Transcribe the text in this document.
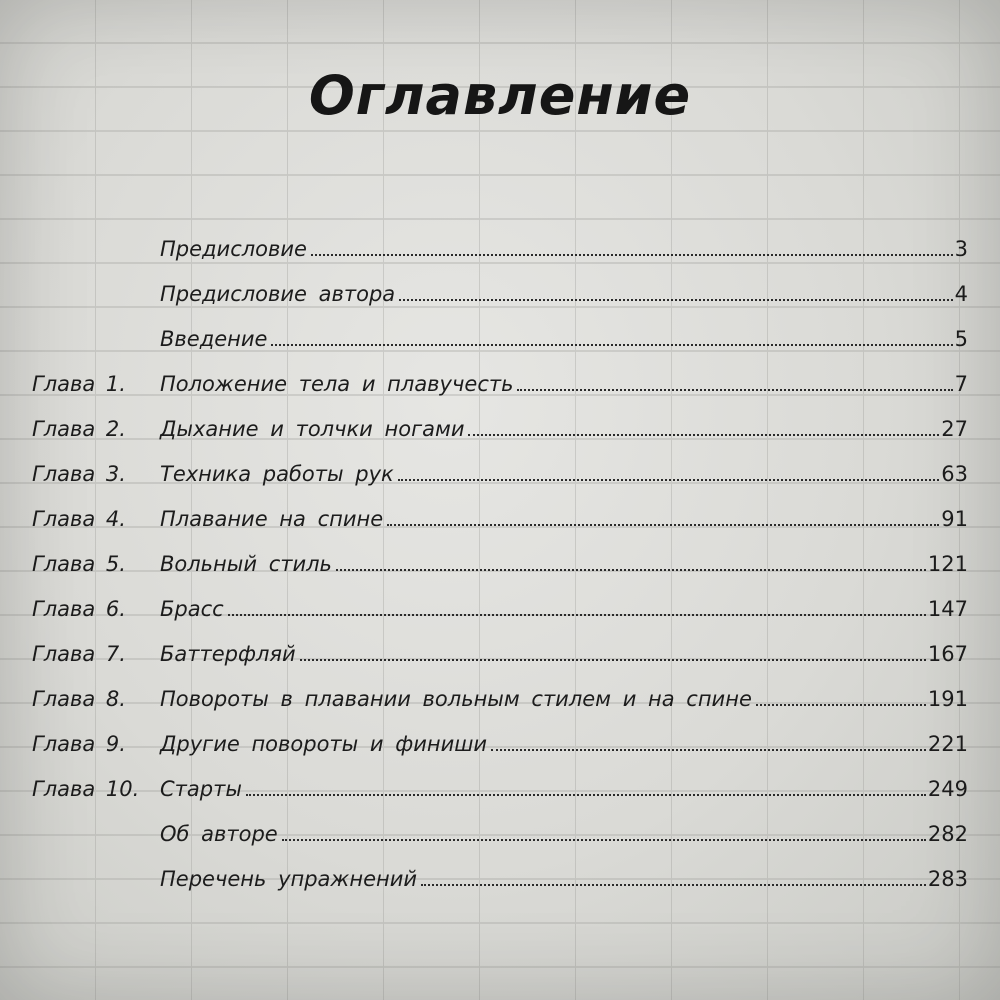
Оглавление
Предисловие	3
Предисловие автора	4
Введение	5
Глава 1. Положение тела и плавучесть	7
Глава 2. Дыхание и толчки ногами	27
Глава 3. Техника работы рук	63
Глава 4. Плавание на спине	91
Глава 5. Вольный стиль	121
Глава 6. Брасс	147
Глава 7. Баттерфляй	167
Глава 8. Повороты в плавании вольным стилем и на спине	191
Глава 9. Другие повороты и финиши	221
Глава 10. Старты	249
Об авторе	282
Перечень упражнений	283
